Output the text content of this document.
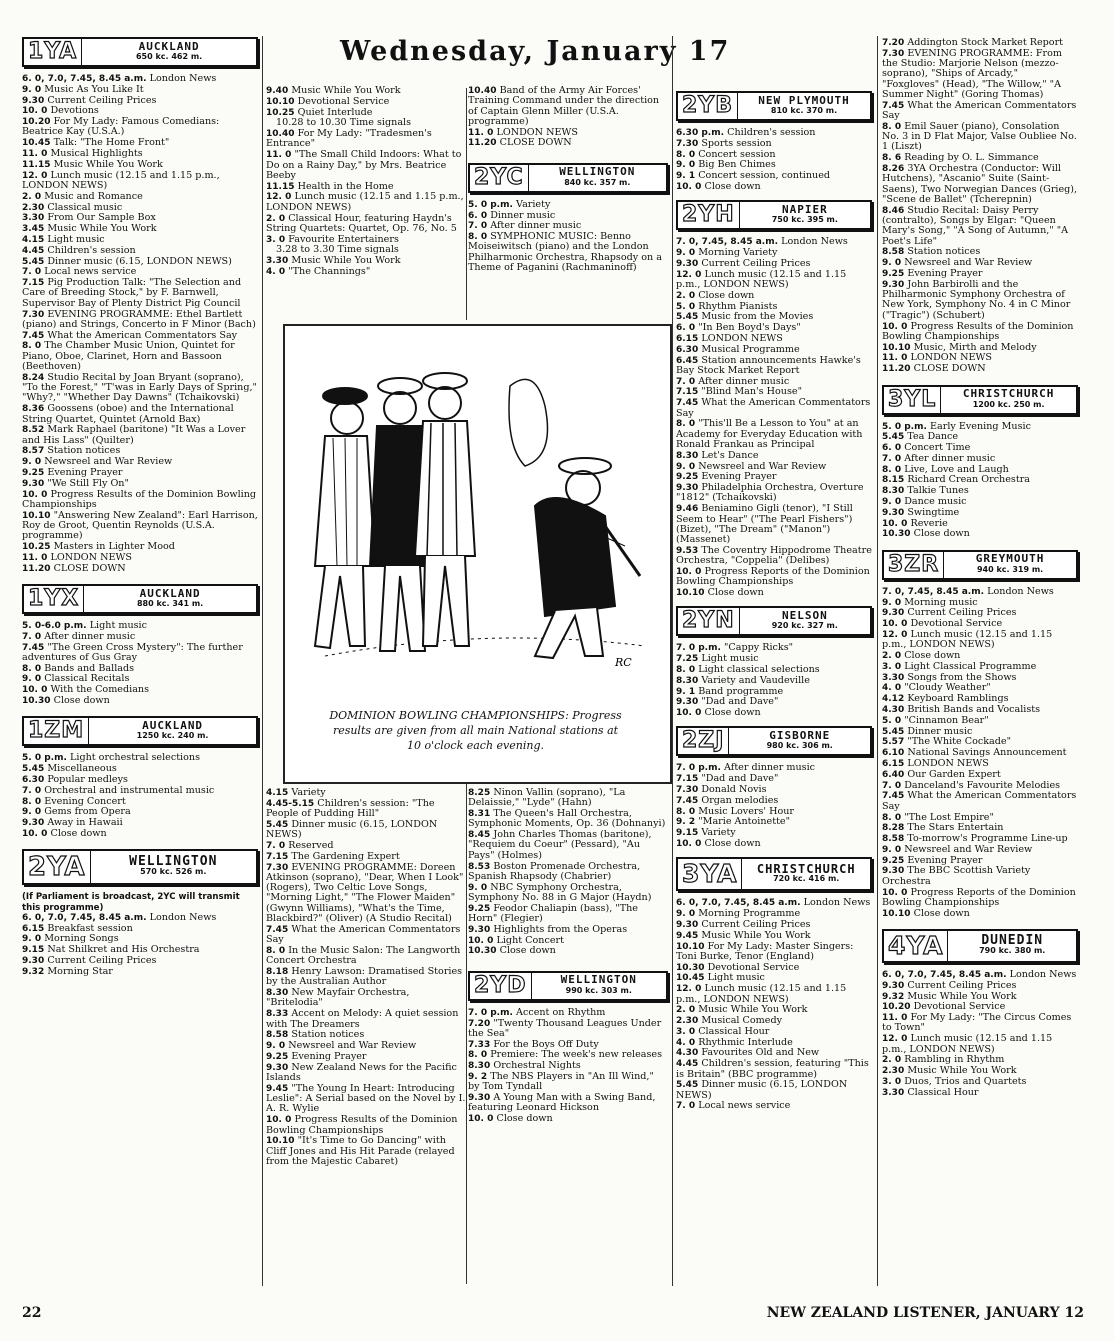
Wednesday, January 17
1YA	AUCKLAND
650 kc. 462 m.
6. 0, 7.0, 7.45, 8.45 a.m. London News
9. 0 Music As You Like It
9.30 Current Ceiling Prices
10. 0 Devotions
10.20 For My Lady: Famous Comedians: Beatrice Kay (U.S.A.)
10.45 Talk: "The Home Front"
11. 0 Musical Highlights
11.15 Music While You Work
12. 0 Lunch music (12.15 and 1.15 p.m., LONDON NEWS)
2. 0 Music and Romance
2.30 Classical music
3.30 From Our Sample Box
3.45 Music While You Work
4.15 Light music
4.45 Children's session
5.45 Dinner music (6.15, LONDON NEWS)
7. 0 Local news service
7.15 Pig Production Talk: "The Selection and Care of Breeding Stock," by F. Barnwell, Supervisor Bay of Plenty District Pig Council
7.30 EVENING PROGRAMME: Ethel Bartlett (piano) and Strings, Concerto in F Minor (Bach)
7.45 What the American Commentators Say
8. 0 The Chamber Music Union, Quintet for Piano, Oboe, Clarinet, Horn and Bassoon (Beethoven)
8.24 Studio Recital by Joan Bryant (soprano), "To the Forest," "T'was in Early Days of Spring," "Why?," "Whether Day Dawns" (Tchaikovski)
8.36 Goossens (oboe) and the International String Quartet, Quintet (Arnold Bax)
8.52 Mark Raphael (baritone) "It Was a Lover and His Lass" (Quilter)
8.57 Station notices
9. 0 Newsreel and War Review
9.25 Evening Prayer
9.30 "We Still Fly On"
10. 0 Progress Results of the Dominion Bowling Championships
10.10 "Answering New Zealand": Earl Harrison, Roy de Groot, Quentin Reynolds (U.S.A. programme)
10.25 Masters in Lighter Mood
11. 0 LONDON NEWS
11.20 CLOSE DOWN
1YX	AUCKLAND
880 kc. 341 m.
5. 0-6.0 p.m. Light music
7. 0 After dinner music
7.45 "The Green Cross Mystery": The further adventures of Gus Gray
8. 0 Bands and Ballads
9. 0 Classical Recitals
10. 0 With the Comedians
10.30 Close down
1ZM	AUCKLAND
1250 kc. 240 m.
5. 0 p.m. Light orchestral selections
5.45 Miscellaneous
6.30 Popular medleys
7. 0 Orchestral and instrumental music
8. 0 Evening Concert
9. 0 Gems from Opera
9.30 Away in Hawaii
10. 0 Close down
2YA	WELLINGTON
570 kc. 526 m.
(If Parliament is broadcast, 2YC will transmit this programme)
6. 0, 7.0, 7.45, 8.45 a.m. London News
6.15 Breakfast session
9. 0 Morning Songs
9.15 Nat Shilkret and His Orchestra
9.30 Current Ceiling Prices
9.32 Morning Star
9.40 Music While You Work
10.10 Devotional Service
10.25 Quiet Interlude
10.28 to 10.30 Time signals
10.40 For My Lady: "Tradesmen's Entrance"
11. 0 "The Small Child Indoors: What to Do on a Rainy Day," by Mrs. Beatrice Beeby
11.15 Health in the Home
12. 0 Lunch music (12.15 and 1.15 p.m., LONDON NEWS)
2. 0 Classical Hour, featuring Haydn's String Quartets: Quartet, Op. 76, No. 5
3. 0 Favourite Entertainers
3.28 to 3.30 Time signals
3.30 Music While You Work
4. 0 "The Channings"
10.40 Band of the Army Air Forces' Training Command under the direction of Captain Glenn Miller (U.S.A. programme)
11. 0 LONDON NEWS
11.20 CLOSE DOWN
2YC	WELLINGTON
840 kc. 357 m.
5. 0 p.m. Variety
6. 0 Dinner music
7. 0 After dinner music
8. 0 SYMPHONIC MUSIC: Benno Moiseiwitsch (piano) and the London Philharmonic Orchestra, Rhapsody on a Theme of Paganini (Rachmaninoff)
RC
DOMINION BOWLING CHAMPIONSHIPS: Progress
results are given from all main National stations at
10 o'clock each evening.
4.15 Variety
4.45-5.15 Children's session: "The People of Pudding Hill"
5.45 Dinner music (6.15, LONDON NEWS)
7. 0 Reserved
7.15 The Gardening Expert
7.30 EVENING PROGRAMME: Doreen Atkinson (soprano), "Dear, When I Look" (Rogers), Two Celtic Love Songs, "Morning Light," "The Flower Maiden" (Gwynn Williams), "What's the Time, Blackbird?" (Oliver) (A Studio Recital)
7.45 What the American Commentators Say
8. 0 In the Music Salon: The Langworth Concert Orchestra
8.18 Henry Lawson: Dramatised Stories by the Australian Author
8.30 New Mayfair Orchestra, "Britelodia"
8.33 Accent on Melody: A quiet session with The Dreamers
8.58 Station notices
9. 0 Newsreel and War Review
9.25 Evening Prayer
9.30 New Zealand News for the Pacific Islands
9.45 "The Young In Heart: Introducing Leslie": A Serial based on the Novel by I. A. R. Wylie
10. 0 Progress Results of the Dominion Bowling Championships
10.10 "It's Time to Go Dancing" with Cliff Jones and His Hit Parade (relayed from the Majestic Cabaret)
8.25 Ninon Vallin (soprano), "La Delaissie," "Lyde" (Hahn)
8.31 The Queen's Hall Orchestra, Symphonic Moments, Op. 36 (Dohnanyi)
8.45 John Charles Thomas (baritone), "Requiem du Coeur" (Pessard), "Au Pays" (Holmes)
8.53 Boston Promenade Orchestra, Spanish Rhapsody (Chabrier)
9. 0 NBC Symphony Orchestra, Symphony No. 88 in G Major (Haydn)
9.25 Feodor Chaliapin (bass), "The Horn" (Flegier)
9.30 Highlights from the Operas
10. 0 Light Concert
10.30 Close down
2YD	WELLINGTON
990 kc. 303 m.
7. 0 p.m. Accent on Rhythm
7.20 "Twenty Thousand Leagues Under the Sea"
7.33 For the Boys Off Duty
8. 0 Premiere: The week's new releases
8.30 Orchestral Nights
9. 2 The NBS Players in "An Ill Wind," by Tom Tyndall
9.30 A Young Man with a Swing Band, featuring Leonard Hickson
10. 0 Close down
2YB	NEW PLYMOUTH
810 kc. 370 m.
6.30 p.m. Children's session
7.30 Sports session
8. 0 Concert session
9. 0 Big Ben Chimes
9. 1 Concert session, continued
10. 0 Close down
2YH	NAPIER
750 kc. 395 m.
7. 0, 7.45, 8.45 a.m. London News
9. 0 Morning Variety
9.30 Current Ceiling Prices
12. 0 Lunch music (12.15 and 1.15 p.m., LONDON NEWS)
2. 0 Close down
5. 0 Rhythm Pianists
5.45 Music from the Movies
6. 0 "In Ben Boyd's Days"
6.15 LONDON NEWS
6.30 Musical Programme
6.45 Station announcements Hawke's Bay Stock Market Report
7. 0 After dinner music
7.15 "Blind Man's House"
7.45 What the American Commentators Say
8. 0 "This'll Be a Lesson to You" at an Academy for Everyday Education with Ronald Frankau as Principal
8.30 Let's Dance
9. 0 Newsreel and War Review
9.25 Evening Prayer
9.30 Philadelphia Orchestra, Overture "1812" (Tchaikovski)
9.46 Beniamino Gigli (tenor), "I Still Seem to Hear" ("The Pearl Fishers") (Bizet), "The Dream" ("Manon") (Massenet)
9.53 The Coventry Hippodrome Theatre Orchestra, "Coppelia" (Delibes)
10. 0 Progress Reports of the Dominion Bowling Championships
10.10 Close down
2YN	NELSON
920 kc. 327 m.
7. 0 p.m. "Cappy Ricks"
7.25 Light music
8. 0 Light classical selections
8.30 Variety and Vaudeville
9. 1 Band programme
9.30 "Dad and Dave"
10. 0 Close down
2ZJ	GISBORNE
980 kc. 306 m.
7. 0 p.m. After dinner music
7.15 "Dad and Dave"
7.30 Donald Novis
7.45 Organ melodies
8. 0 Music Lovers' Hour
9. 2 "Marie Antoinette"
9.15 Variety
10. 0 Close down
3YA	CHRISTCHURCH
720 kc. 416 m.
6. 0, 7.0, 7.45, 8.45 a.m. London News
9. 0 Morning Programme
9.30 Current Ceiling Prices
9.45 Music While You Work
10.10 For My Lady: Master Singers: Toni Burke, Tenor (England)
10.30 Devotional Service
10.45 Light music
12. 0 Lunch music (12.15 and 1.15 p.m., LONDON NEWS)
2. 0 Music While You Work
2.30 Musical Comedy
3. 0 Classical Hour
4. 0 Rhythmic Interlude
4.30 Favourites Old and New
4.45 Children's session, featuring "This is Britain" (BBC programme)
5.45 Dinner music (6.15, LONDON NEWS)
7. 0 Local news service
7.20 Addington Stock Market Report
7.30 EVENING PROGRAMME: From the Studio: Marjorie Nelson (mezzo-soprano), "Ships of Arcady," "Foxgloves" (Head), "The Willow," "A Summer Night" (Goring Thomas)
7.45 What the American Commentators Say
8. 0 Emil Sauer (piano), Consolation No. 3 in D Flat Major, Valse Oubliee No. 1 (Liszt)
8. 6 Reading by O. L. Simmance
8.26 3YA Orchestra (Conductor: Will Hutchens), "Ascanio" Suite (Saint-Saens), Two Norwegian Dances (Grieg), "Scene de Ballet" (Tcherepnin)
8.46 Studio Recital: Daisy Perry (contralto), Songs by Elgar: "Queen Mary's Song," "A Song of Autumn," "A Poet's Life"
8.58 Station notices
9. 0 Newsreel and War Review
9.25 Evening Prayer
9.30 John Barbirolli and the Philharmonic Symphony Orchestra of New York, Symphony No. 4 in C Minor ("Tragic") (Schubert)
10. 0 Progress Results of the Dominion Bowling Championships
10.10 Music, Mirth and Melody
11. 0 LONDON NEWS
11.20 CLOSE DOWN
3YL	CHRISTCHURCH
1200 kc. 250 m.
5. 0 p.m. Early Evening Music
5.45 Tea Dance
6. 0 Concert Time
7. 0 After dinner music
8. 0 Live, Love and Laugh
8.15 Richard Crean Orchestra
8.30 Talkie Tunes
9. 0 Dance music
9.30 Swingtime
10. 0 Reverie
10.30 Close down
3ZR	GREYMOUTH
940 kc. 319 m.
7. 0, 7.45, 8.45 a.m. London News
9. 0 Morning music
9.30 Current Ceiling Prices
10. 0 Devotional Service
12. 0 Lunch music (12.15 and 1.15 p.m., LONDON NEWS)
2. 0 Close down
3. 0 Light Classical Programme
3.30 Songs from the Shows
4. 0 "Cloudy Weather"
4.12 Keyboard Ramblings
4.30 British Bands and Vocalists
5. 0 "Cinnamon Bear"
5.45 Dinner music
5.57 "The White Cockade"
6.10 National Savings Announcement
6.15 LONDON NEWS
6.40 Our Garden Expert
7. 0 Danceland's Favourite Melodies
7.45 What the American Commentators Say
8. 0 "The Lost Empire"
8.28 The Stars Entertain
8.58 To-morrow's Programme Line-up
9. 0 Newsreel and War Review
9.25 Evening Prayer
9.30 The BBC Scottish Variety Orchestra
10. 0 Progress Reports of the Dominion Bowling Championships
10.10 Close down
4YA	DUNEDIN
790 kc. 380 m.
6. 0, 7.0, 7.45, 8.45 a.m. London News
9.30 Current Ceiling Prices
9.32 Music While You Work
10.20 Devotional Service
11. 0 For My Lady: "The Circus Comes to Town"
12. 0 Lunch music (12.15 and 1.15 p.m., LONDON NEWS)
2. 0 Rambling in Rhythm
2.30 Music While You Work
3. 0 Duos, Trios and Quartets
3.30 Classical Hour
22	NEW ZEALAND LISTENER, JANUARY 12
